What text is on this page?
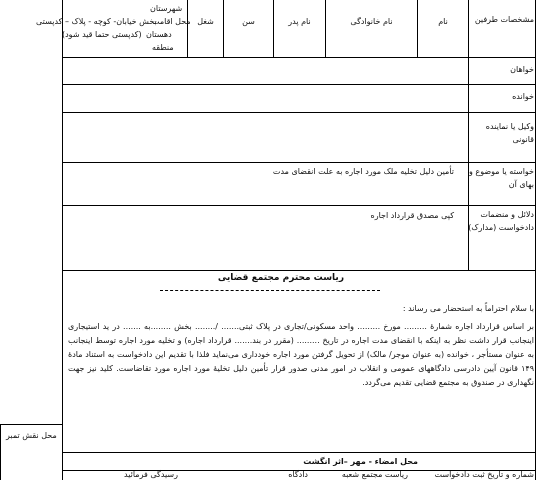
مشخصات طرفین
نام
نام خانوادگی
نام پدر
سن
شغل
شهرستان
محل اقامت
بخش خیابان- کوچه - پلاک – کدپستی
دهستان
(کدپستی حتما قید شود)
منطقه
خواهان
خوانده
وکیل یا نماینده قانونی
خواسته یا موضوع و بهای آن
تأمین دلیل تخلیه ملک مورد اجاره به علت انقضای مدت
دلائل و منضمات دادخواست (مدارک)
کپی مصدق قرارداد اجاره
ریاست محترم مجتمع قضایی
با سلام احتراماً به استحضار می رساند :
بر اساس قرارداد اجاره شمارۀ ......... مورخ ......... واحد مسکونی/تجاری در پلاک ثبتی....... /........ بخش ........به ....... در ید استیجاری اینجانب قرار داشت نظر به اینکه با انقضای مدت اجاره در تاریخ ......... (مقرر در بند....... قرارداد اجاره) و تخلیه مورد اجاره توسط اینجانب به عنوان مستأجر ، خوانده (به عنوان موجر/ مالک) از تحویل گرفتن مورد اجاره خودداری می‌نماید فلذا با تقدیم این دادخواست به استناد مادۀ ۱۴۹ قانون آیین دادرسی دادگاههای عمومی و انقلاب در امور مدنی صدور قرار تأمین دلیل تخلیۀ مورد اجاره مورد تقاضاست. کلید نیز جهت نگهداری در صندوق به مجتمع قضایی تقدیم می‌گردد.
محل نقش تمبر
محل امضاء - مهر –اثر انگشت
شماره و تاریخ ثبت دادخواست
ریاست مجتمع شعبه
دادگاه
رسیدگی فرمائید
